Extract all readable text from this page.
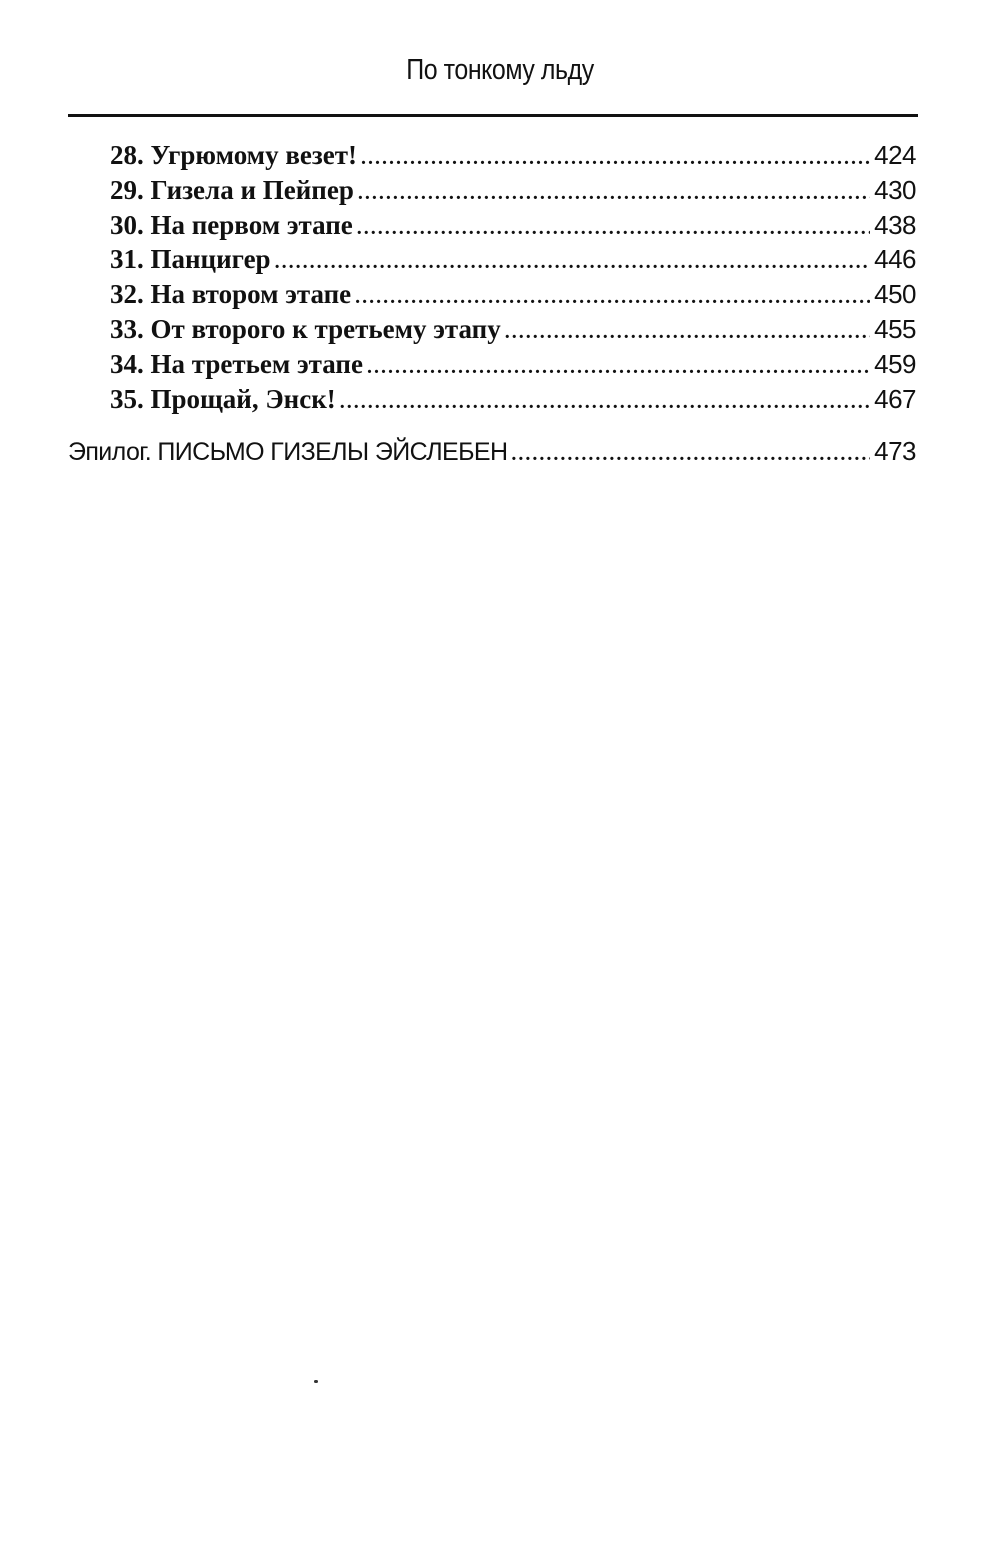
По тонкому льду
28. Угрюмому везет! .....	424
29. Гизела и Пейпер .....	430
30. На первом этапе .....	438
31. Панцигер .....	446
32. На втором этапе .....	450
33. От второго к третьему этапу .....	455
34. На третьем этапе .....	459
35. Прощай, Энск! .....	467
Эпилог. ПИСЬМО ГИЗЕЛЫ ЭЙСЛЕБЕН .....	473
